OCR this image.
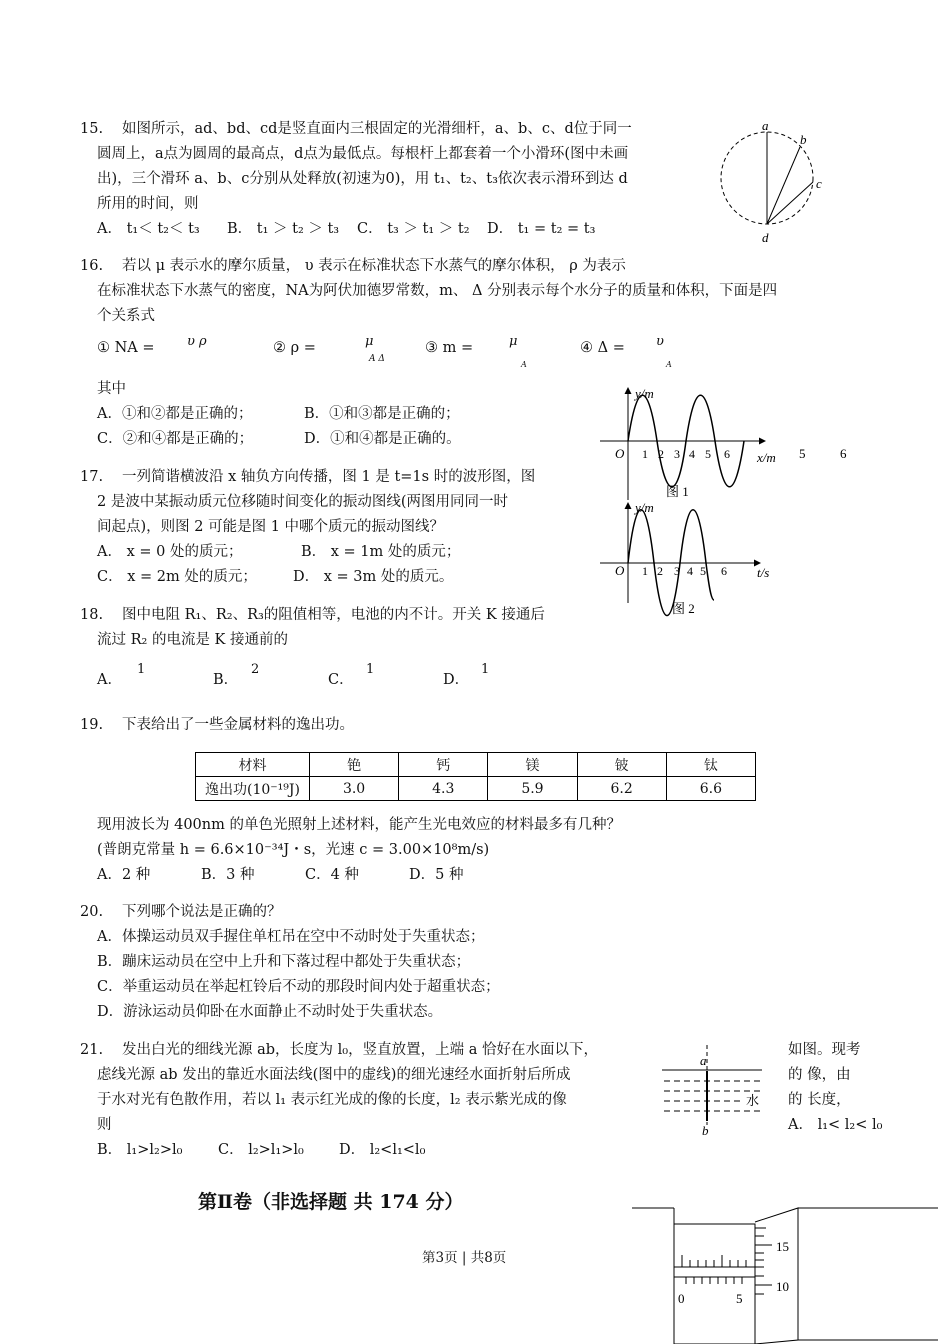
15. 如图所示，ad、bd、cd是竖直面内三根固定的光滑细杆，a、b、c、d位于同一
圆周上，a点为圆周的最高点，d点为最低点。每根杆上都套着一个小滑环(图中未画
出)，三个滑环 a、b、c分别从处释放(初速为0)，用 t₁、t₂、t₃依次表示滑环到达 d
所用的时间，则
A． t₁＜ t₂＜ t₃ B． t₁ ＞ t₂ ＞ t₃ C． t₃ ＞ t₁ ＞ t₂ D． t₁ = t₂ = t₃
a
b
c
d
16. 若以 μ 表示水的摩尔质量， υ 表示在标准状态下水蒸气的摩尔体积， ρ 为表示
在标准状态下水蒸气的密度，NA为阿伏加德罗常数，m、 Δ 分别表示每个水分子的质量和体积，下面是四
个关系式
① NA = υ ρ	② ρ =	μ
A Δ
③ m =	μ
A
④ Δ = υ
A
其中
A．①和②都是正确的；	B．①和③都是正确的；
C．②和④都是正确的；	D．①和④都是正确的。
17. 一列简谐横波沿 x 轴负方向传播，图 1 是 t=1s 时的波形图，图
2 是波中某振动质元位移随时间变化的振动图线(两图用同同一时
间起点)，则图 2 可能是图 1 中哪个质元的振动图线？
A． x = 0 处的质元；	B． x = 1m 处的质元；
C． x = 2m 处的质元； D． x = 3m 处的质元。
y/m
x/m
O 1 2 3 4 5 6
图 1
5	6
y/m
t/s
O 1 2 3 4 5 6
图 2
18. 图中电阻 R₁、R₂、R₃的阻值相等，电池的内不计。开关 K 接通后
流过 R₂ 的电流是 K 接通前的
A．
1
B．
2
C．
1
D．
1
19. 下表给出了一些金属材料的逸出功。
材料	铯	钙	镁	铍	钛
逸出功(10⁻¹⁹J)	3.0	4.3	5.9	6.2	6.6
现用波长为 400nm 的单色光照射上述材料，能产生光电效应的材料最多有几种？
(普朗克常量 h = 6.6×10⁻³⁴J・s，光速 c = 3.00×10⁸m/s)
A．2 种	B．3 种	C．4 种	D．5 种
20. 下列哪个说法是正确的？
A．体操运动员双手握住单杠吊在空中不动时处于失重状态；
B．蹦床运动员在空中上升和下落过程中都处于失重状态；
C．举重运动员在举起杠铃后不动的那段时间内处于超重状态；
D．游泳运动员仰卧在水面静止不动时处于失重状态。
21. 发出白光的细线光源 ab，长度为 l₀，竖直放置，上端 a 恰好在水面以下，
虑线光源 ab 发出的靠近水面法线(图中的虚线)的细光速经水面折射后所成
于水对光有色散作用，若以 l₁ 表示红光成的像的长度，l₂ 表示紫光成的像
则
B． l₁>l₂>l₀ C． l₂>l₁>l₀ D． l₂<l₁<l₀
如图。现考
的 像，由
的 长度，
A． l₁< l₂< l₀
a
水
b
第Ⅱ卷（非选择题 共 174 分）
第3页 | 共8页
0	5
15
10
